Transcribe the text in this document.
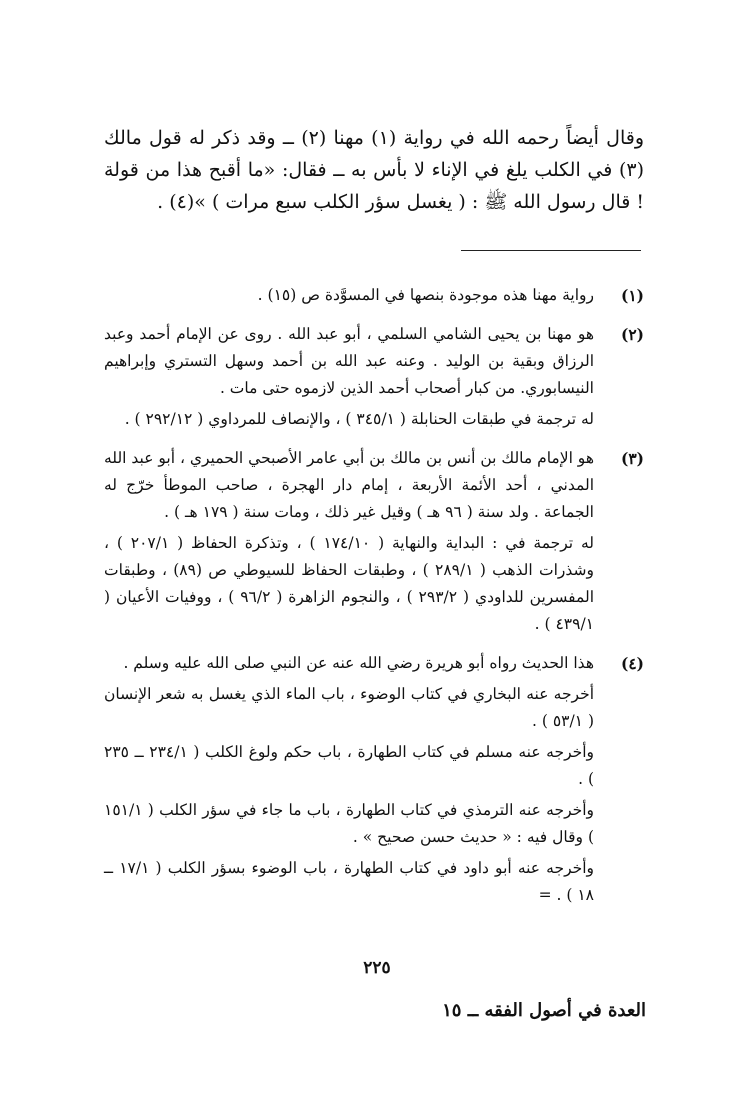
وقال أيضاً رحمه الله في رواية (١) مهنا (٢) ــ وقد ذكر له قول مالك (٣) في الكلب يلغ في الإناء لا بأس به ــ فقال: «ما أقبح هذا من قولة ! قال رسول الله ﷺ : ( يغسل سؤر الكلب سبع مرات ) »(٤) .

(١)

رواية مهنا هذه موجودة بنصها في المسوَّدة ص (١٥) .

(٢)

هو مهنا بن يحيى الشامي السلمي ، أبو عبد الله . روى عن الإمام أحمد وعبد الرزاق وبقية بن الوليد . وعنه عبد الله بن أحمد وسهل التستري وإبراهيم النيسابوري. من كبار أصحاب أحمد الذين لازموه حتى مات .

له ترجمة في طبقات الحنابلة ( ٣٤٥/١ ) ، والإنصاف للمرداوي ( ٢٩٢/١٢ ) .

(٣)

هو الإمام مالك بن أنس بن مالك بن أبي عامر الأصبحي الحميري ، أبو عبد الله المدني ، أحد الأئمة الأربعة ، إمام دار الهجرة ، صاحب الموطأ خرّج له الجماعة . ولد سنة ( ٩٦ هـ ) وقيل غير ذلك ، ومات سنة ( ١٧٩ هـ ) .

له ترجمة في : البداية والنهاية ( ١٧٤/١٠ ) ، وتذكرة الحفاظ ( ٢٠٧/١ ) ، وشذرات الذهب ( ٢٨٩/١ ) ، وطبقات الحفاظ للسيوطي ص (٨٩) ، وطبقات المفسرين للداودي ( ٢٩٣/٢ ) ، والنجوم الزاهرة ( ٩٦/٢ ) ، ووفيات الأعيان ( ٤٣٩/١ ) .

(٤)

هذا الحديث رواه أبو هريرة رضي الله عنه عن النبي صلى الله عليه وسلم .

أخرجه عنه البخاري في كتاب الوضوء ، باب الماء الذي يغسل به شعر الإنسان ( ٥٣/١ ) .

وأخرجه عنه مسلم في كتاب الطهارة ، باب حكم ولوغ الكلب ( ٢٣٤/١ ــ ٢٣٥ ) .

وأخرجه عنه الترمذي في كتاب الطهارة ، باب ما جاء في سؤر الكلب ( ١٥١/١ ) وقال فيه : « حديث حسن صحيح » .

وأخرجه عنه أبو داود في كتاب الطهارة ، باب الوضوء بسؤر الكلب ( ١٧/١ ــ ١٨ ) . =

٢٢٥
العدة في أصول الفقه ــ ١٥
